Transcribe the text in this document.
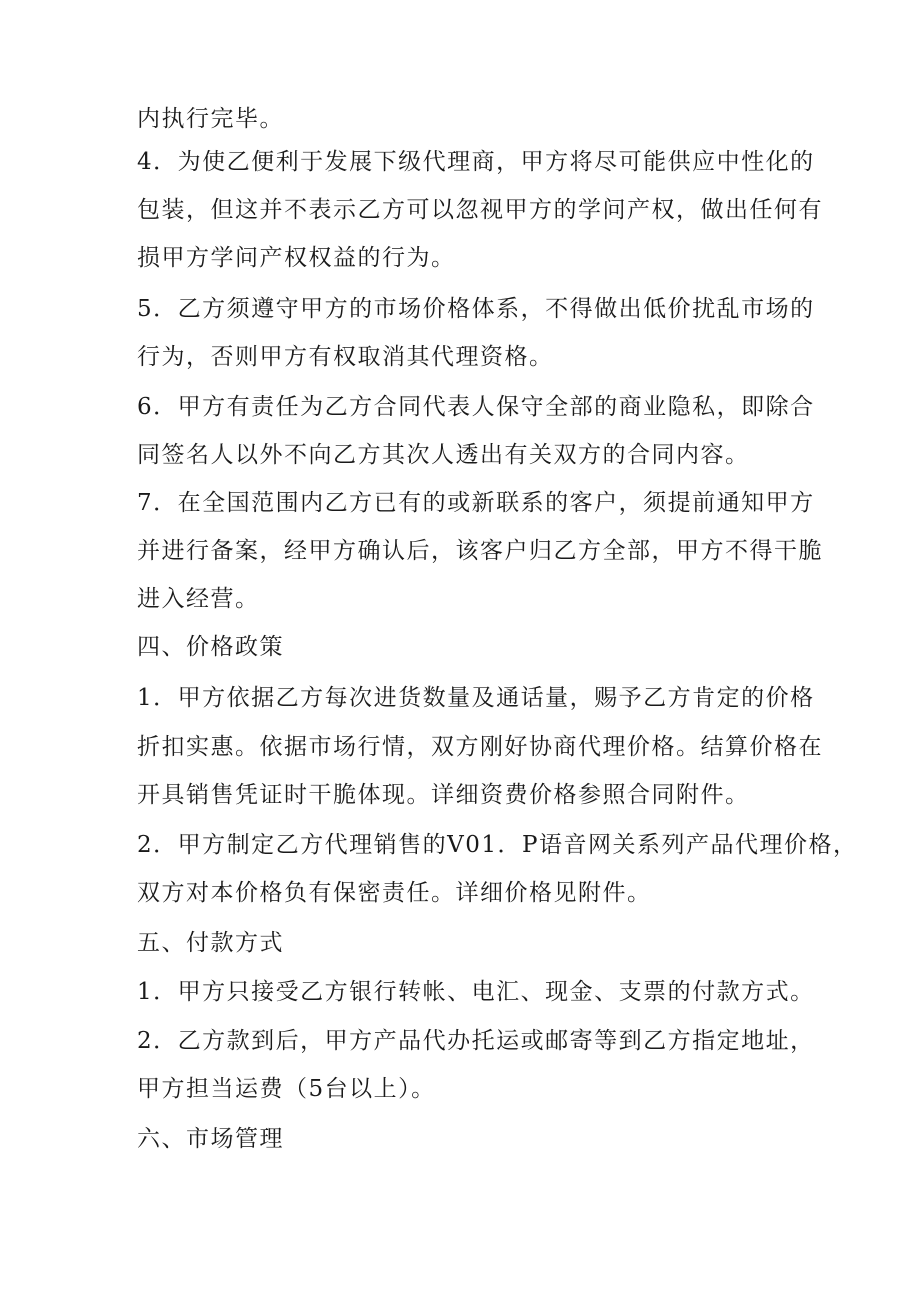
内执行完毕。

4．为使乙便利于发展下级代理商，甲方将尽可能供应中性化的

包装，但这并不表示乙方可以忽视甲方的学问产权，做出任何有

损甲方学问产权权益的行为。

5．乙方须遵守甲方的市场价格体系，不得做出低价扰乱市场的

行为，否则甲方有权取消其代理资格。

6．甲方有责任为乙方合同代表人保守全部的商业隐私，即除合

同签名人以外不向乙方其次人透出有关双方的合同内容。

7．在全国范围内乙方已有的或新联系的客户，须提前通知甲方

并进行备案，经甲方确认后，该客户归乙方全部，甲方不得干脆

进入经营。

四、价格政策

1．甲方依据乙方每次进货数量及通话量，赐予乙方肯定的价格

折扣实惠。依据市场行情，双方刚好协商代理价格。结算价格在

开具销售凭证时干脆体现。详细资费价格参照合同附件。

2．甲方制定乙方代理销售的V01．P语音网关系列产品代理价格，

双方对本价格负有保密责任。详细价格见附件。

五、付款方式

1．甲方只接受乙方银行转帐、电汇、现金、支票的付款方式。

2．乙方款到后，甲方产品代办托运或邮寄等到乙方指定地址，

甲方担当运费（5台以上）。

六、市场管理
